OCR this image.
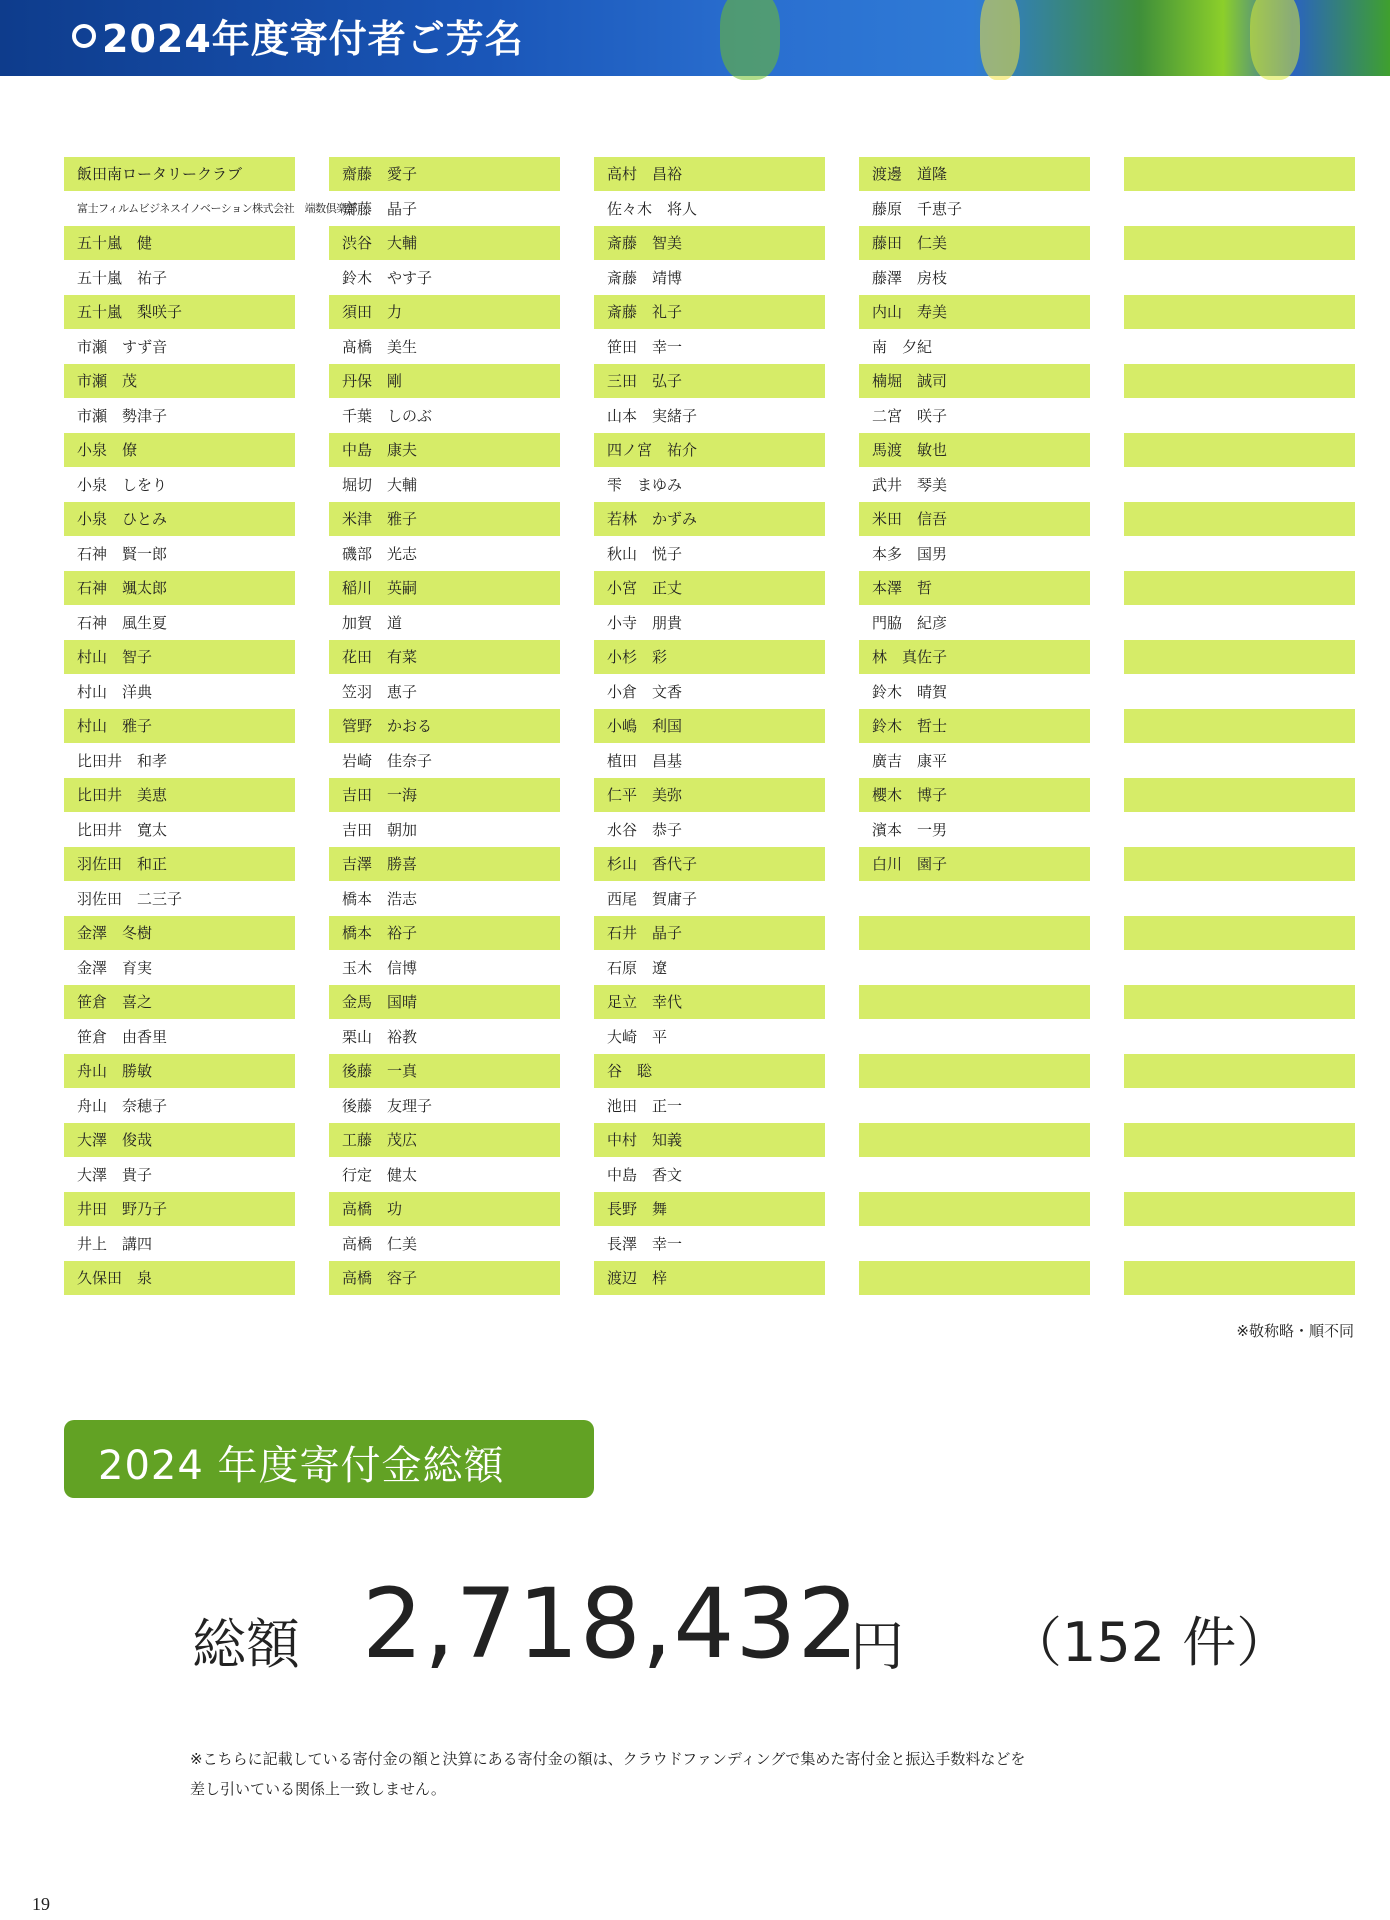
2024年度寄付者ご芳名
飯田南ロータリークラブ
富士フィルムビジネスイノベーション株式会社　端数倶楽部
五十嵐　健
五十嵐　祐子
五十嵐　梨咲子
市瀬　すず音
市瀬　茂
市瀬　勢津子
小泉　僚
小泉　しをり
小泉　ひとみ
石神　賢一郎
石神　颯太郎
石神　風生夏
村山　智子
村山　洋典
村山　雅子
比田井　和孝
比田井　美恵
比田井　寛太
羽佐田　和正
羽佐田　二三子
金澤　冬樹
金澤　育実
笹倉　喜之
笹倉　由香里
舟山　勝敏
舟山　奈穂子
大澤　俊哉
大澤　貴子
井田　野乃子
井上　講四
久保田　泉
齋藤　愛子
齋藤　晶子
渋谷　大輔
鈴木　やす子
須田　力
髙橋　美生
丹保　剛
千葉　しのぶ
中島　康夫
堀切　大輔
米津　雅子
磯部　光志
稲川　英嗣
加賀　道
花田　有菜
笠羽　恵子
管野　かおる
岩崎　佳奈子
吉田　一海
吉田　朝加
吉澤　勝喜
橋本　浩志
橋本　裕子
玉木　信博
金馬　国晴
栗山　裕教
後藤　一真
後藤　友理子
工藤　茂広
行定　健太
高橋　功
高橋　仁美
高橋　容子
高村　昌裕
佐々木　将人
斎藤　智美
斎藤　靖博
斎藤　礼子
笹田　幸一
三田　弘子
山本　実緒子
四ノ宮　祐介
雫　まゆみ
若林　かずみ
秋山　悦子
小宮　正丈
小寺　朋貴
小杉　彩
小倉　文香
小嶋　利国
植田　昌基
仁平　美弥
水谷　恭子
杉山　香代子
西尾　賀庸子
石井　晶子
石原　遼
足立　幸代
大崎　平
谷　聡
池田　正一
中村　知義
中島　香文
長野　舞
長澤　幸一
渡辺　梓
渡邊　道隆
藤原　千恵子
藤田　仁美
藤澤　房枝
内山　寿美
南　夕紀
楠堀　誠司
二宮　咲子
馬渡　敏也
武井　琴美
米田　信吾
本多　国男
本澤　哲
門脇　紀彦
林　真佐子
鈴木　晴賀
鈴木　哲士
廣吉　康平
櫻木　博子
濱本　一男
白川　園子
※敬称略・順不同
2024 年度寄付金総額
総額 2,718,432
円 （152 件）
※こちらに記載している寄付金の額と決算にある寄付金の額は、クラウドファンディングで集めた寄付金と振込手数料などを
差し引いている関係上一致しません。
19
